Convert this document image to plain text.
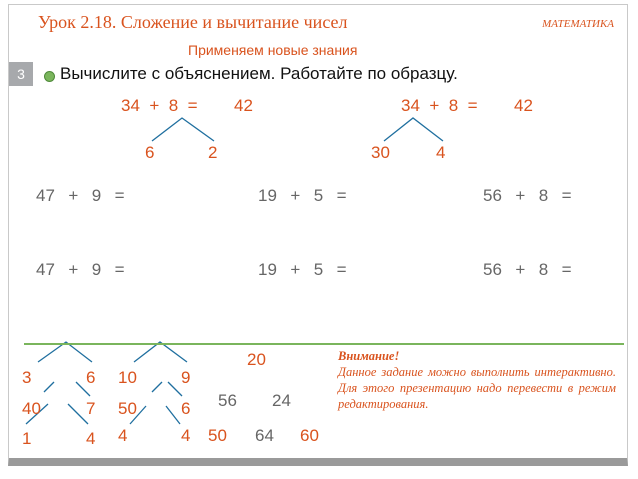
Урок 2.18. Сложение и вычитание чисел	МАТЕМАТИКА
Применяем новые знания
3	Вычислите с объяснением. Работайте по образцу.
34  +  8  = 42
6	2
34  +  8  = 42
30	4
47  +  9  =	19  +  5  =	56  +  8  =
47  +  9  =	19  +  5  =	56  +  8  =
3
40
1
6
7
4
10
50
4
9
6
4
20
56 24
50 64 60
Внимание!
Данное задание можно выполнить интерактивно. Для этого презентацию надо перевести в режим редактирования.
